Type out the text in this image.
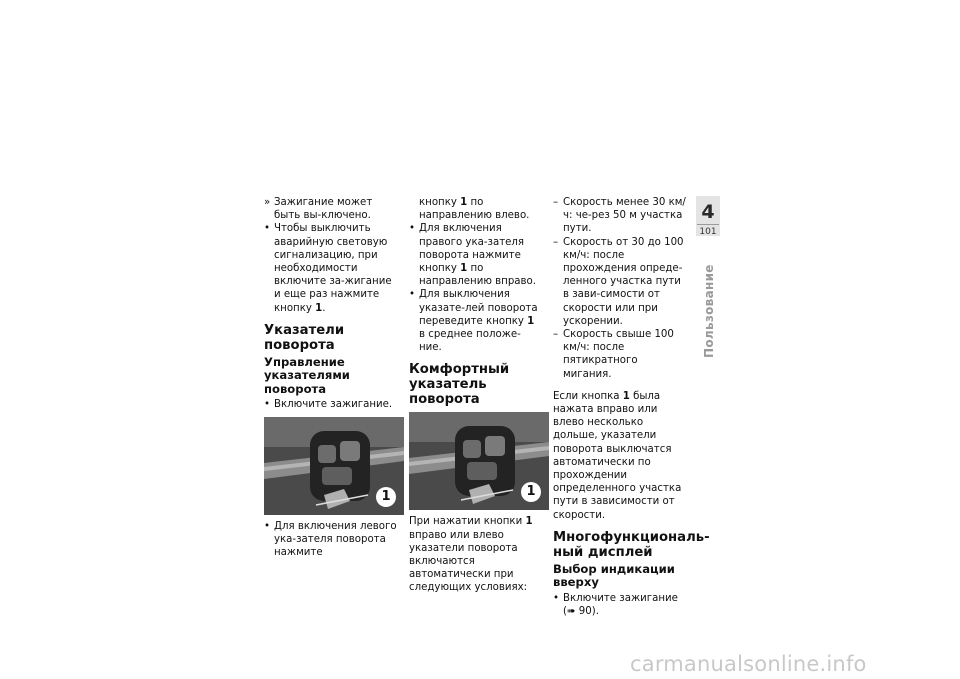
» Зажигание может быть вы-ключено.

• Чтобы выключить аварийную световую сигнализацию, при необходимости включите за-жигание и еще раз нажмите кнопку 1.

Указатели поворота
Управление указателями поворота

• Включите зажигание.

1

• Для включения левого ука-зателя поворота нажмите

кнопку 1 по направлению влево.

• Для включения правого ука-зателя поворота нажмите кнопку 1 по направлению вправо.

• Для выключения указате-лей поворота переведите кнопку 1 в среднее положе-ние.

Комфортный указатель поворота
1

При нажатии кнопки 1 вправо или влево указатели поворота включаются автоматически при следующих условиях:

– Скорость менее 30 км/ч: че-рез 50 м участка пути.

– Скорость от 30 до 100 км/ч: после прохождения опреде-ленного участка пути в зави-симости от скорости или при ускорении.

– Скорость свыше 100 км/ч: после пятикратного мигания.

Если кнопка 1 была нажата вправо или влево несколько дольше, указатели поворота выключатся автоматически по прохождении определенного участка пути в зависимости от скорости.

Многофункциональ-ный дисплей
Выбор индикации вверху

• Включите зажигание (➠ 90).

4
101
Пользование
carmanualsonline.info
